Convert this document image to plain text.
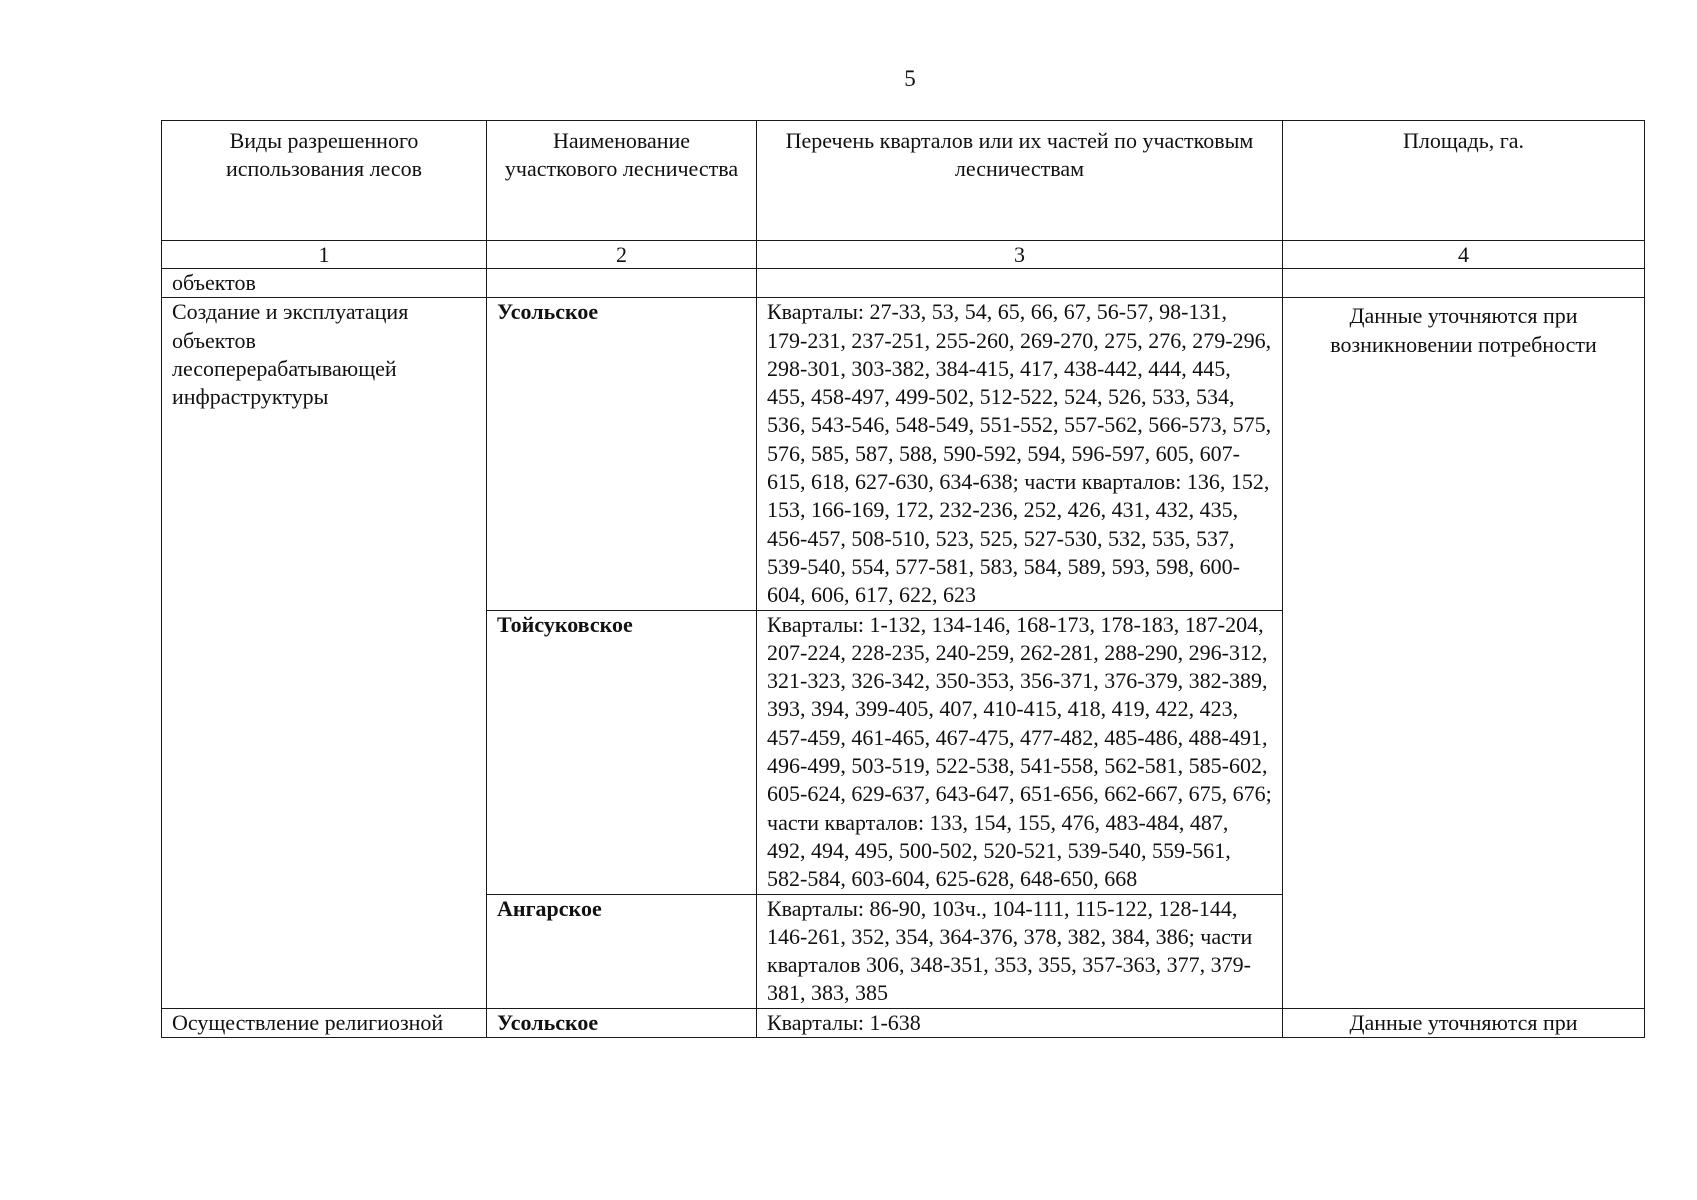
5
Виды разрешенного использования лесов	Наименование участкового лесничества	Перечень кварталов или их частей по участковым лесничествам	Площадь, га.
1	2	3	4
объектов			
Создание и эксплуатация объектов лесоперерабатывающей инфраструктуры	Усольское	Кварталы: 27-33, 53, 54, 65, 66, 67, 56-57, 98-131, 179-231, 237-251, 255-260, 269-270, 275, 276, 279-296, 298-301, 303-382, 384-415, 417, 438-442, 444, 445, 455, 458-497, 499-502, 512-522, 524, 526, 533, 534, 536, 543-546, 548-549, 551-552, 557-562, 566-573, 575, 576, 585, 587, 588, 590-592, 594, 596-597, 605, 607-615, 618, 627-630, 634-638; части кварталов: 136, 152, 153, 166-169, 172, 232-236, 252, 426, 431, 432, 435, 456-457, 508-510, 523, 525, 527-530, 532, 535, 537, 539-540, 554, 577-581, 583, 584, 589, 593, 598, 600-604, 606, 617, 622, 623	Данные уточняются при возникновении потребности
	Тойсуковское	Кварталы: 1-132, 134-146, 168-173, 178-183, 187-204, 207-224, 228-235, 240-259, 262-281, 288-290, 296-312, 321-323, 326-342, 350-353, 356-371, 376-379, 382-389, 393, 394, 399-405, 407, 410-415, 418, 419, 422, 423, 457-459, 461-465, 467-475, 477-482, 485-486, 488-491, 496-499, 503-519, 522-538, 541-558, 562-581, 585-602, 605-624, 629-637, 643-647, 651-656, 662-667, 675, 676; части кварталов: 133, 154, 155, 476, 483-484, 487, 492, 494, 495, 500-502, 520-521, 539-540, 559-561, 582-584, 603-604, 625-628, 648-650, 668	
	Ангарское	Кварталы: 86-90, 103ч., 104-111, 115-122, 128-144, 146-261, 352, 354, 364-376, 378, 382, 384, 386; части кварталов 306, 348-351, 353, 355, 357-363, 377, 379-381, 383, 385	
Осуществление религиозной	Усольское	Кварталы: 1-638	Данные уточняются при
